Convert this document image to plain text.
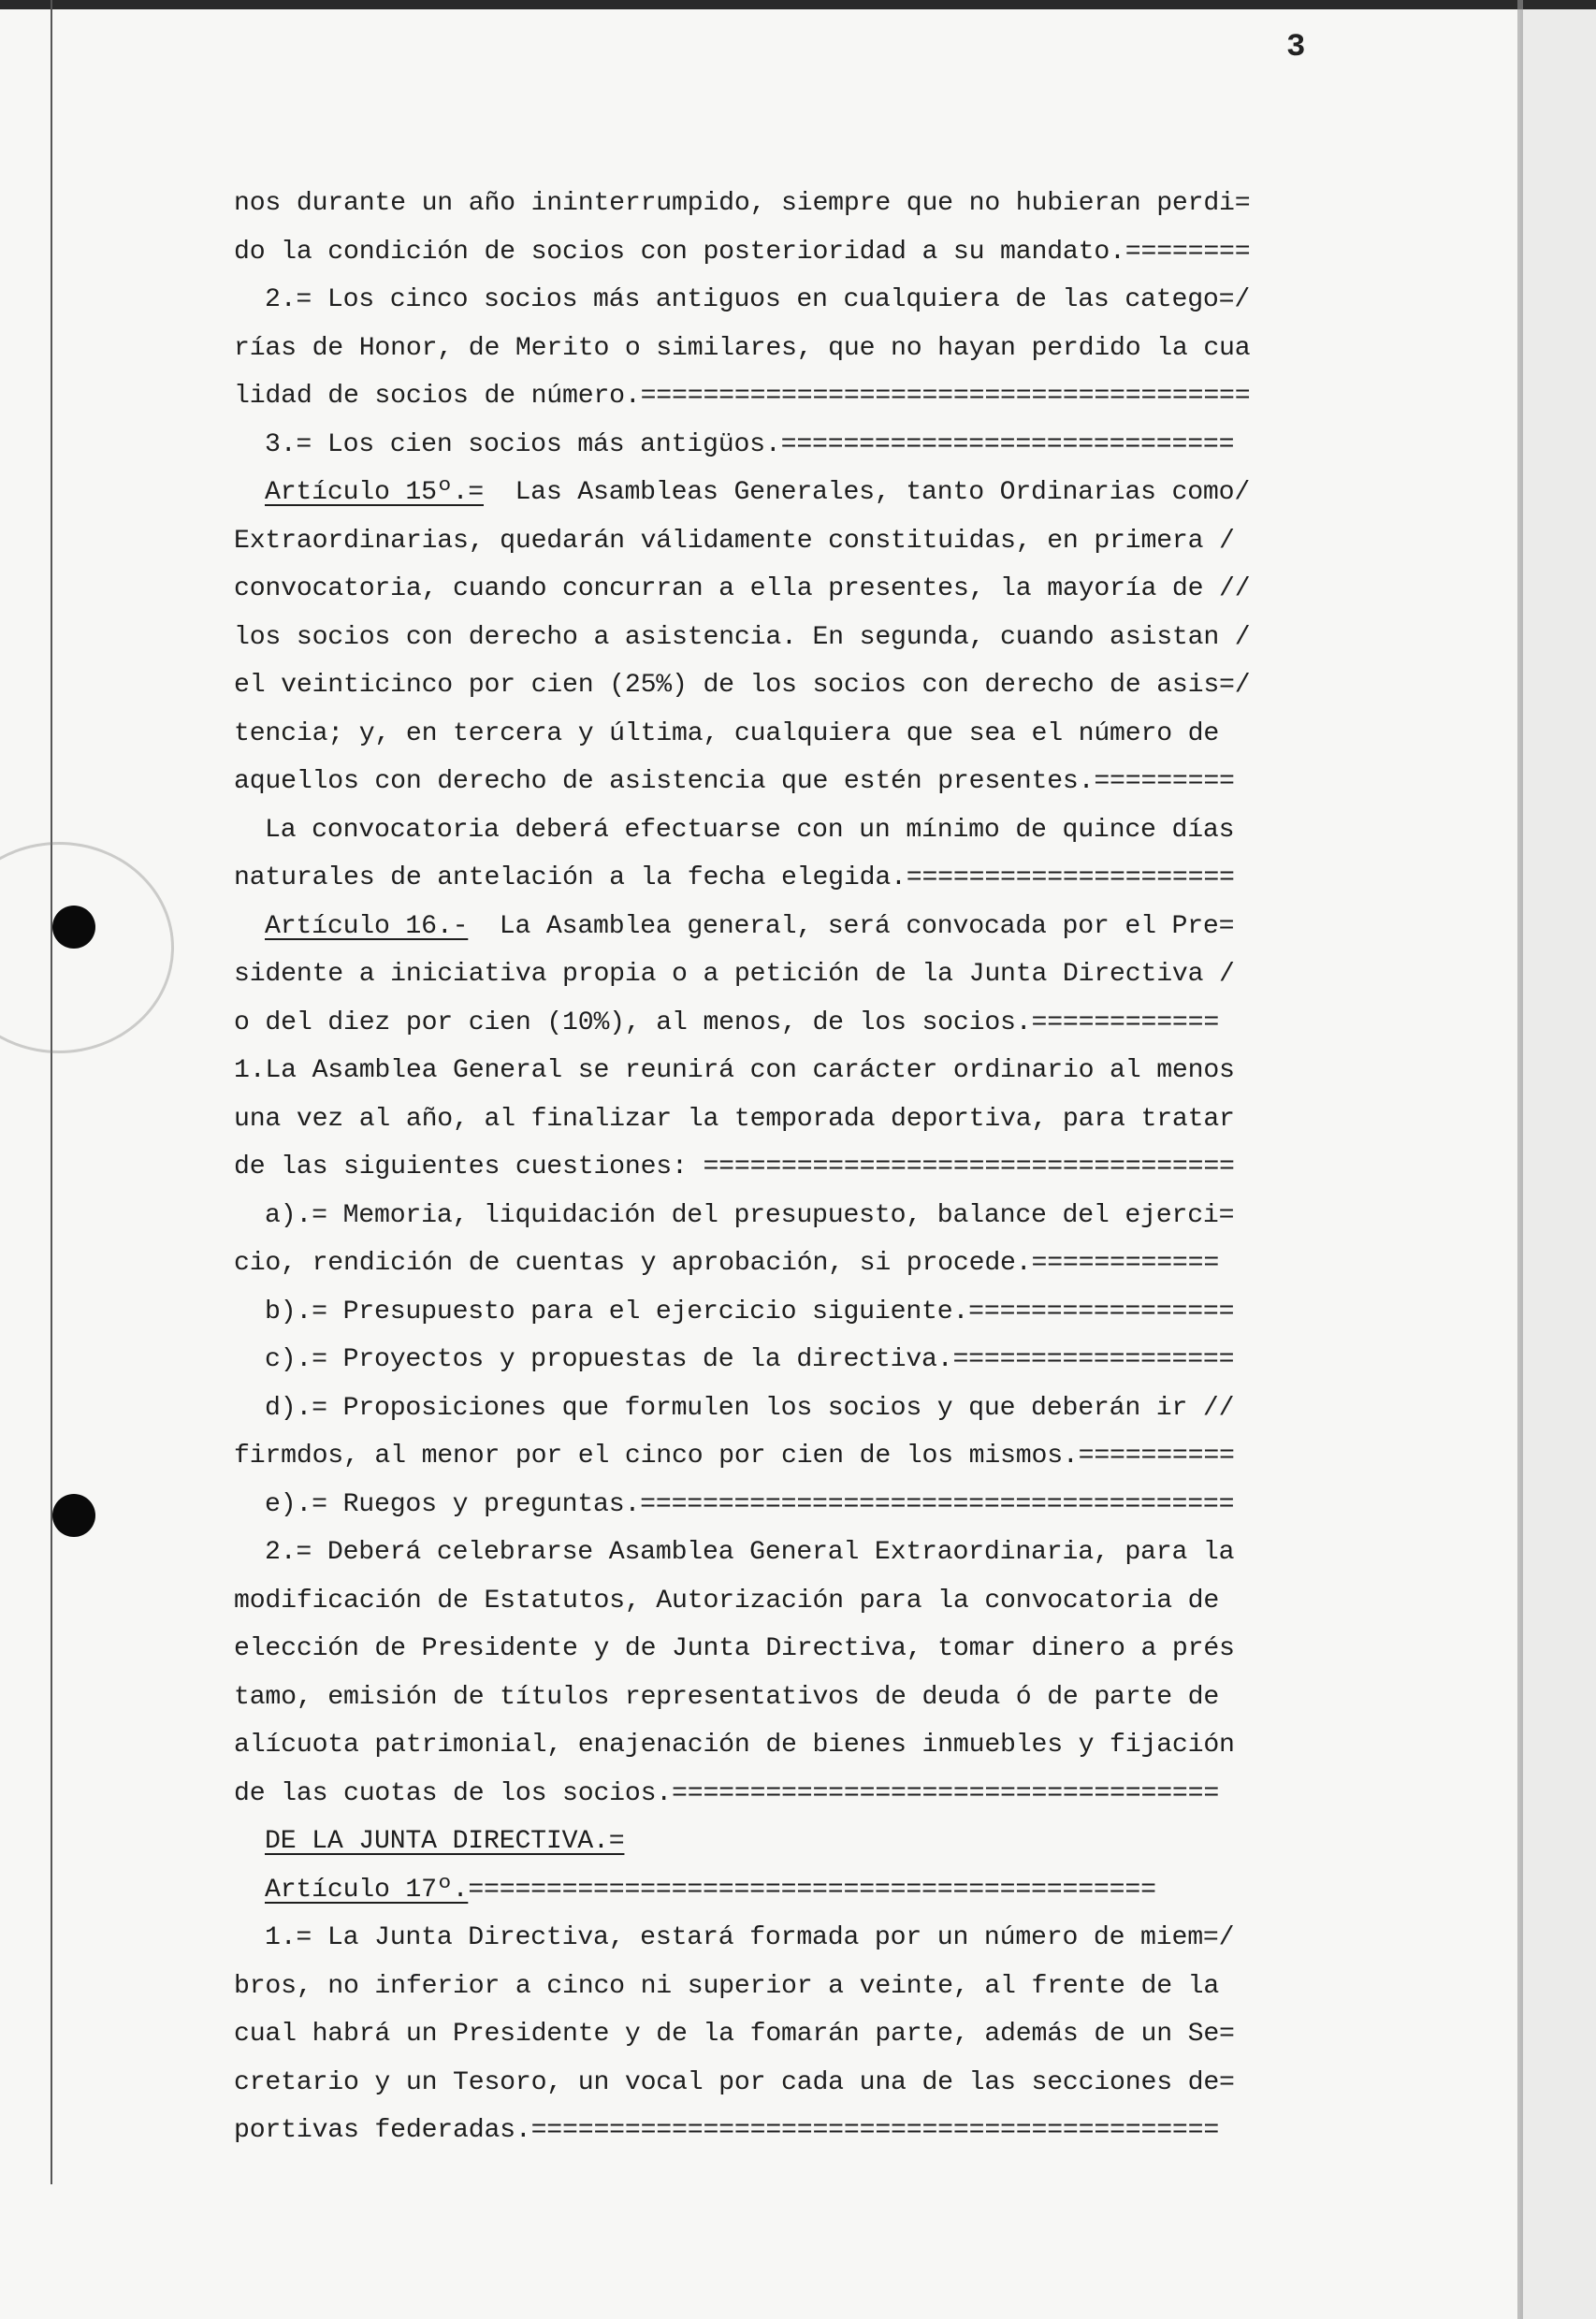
3
nos durante un año ininterrumpido, siempre que no hubieran perdi=
do la condición de socios con posterioridad a su mandato.========
2.= Los cinco socios más antiguos en cualquiera de las catego=/
rías de Honor, de Merito o similares, que no hayan perdido la cua
lidad de socios de número.=======================================
3.= Los cien socios más antigüos.=============================
Artículo 15º.=  Las Asambleas Generales, tanto Ordinarias como/
Extraordinarias, quedarán válidamente constituidas, en primera /
convocatoria, cuando concurran a ella presentes, la mayoría de //
los socios con derecho a asistencia. En segunda, cuando asistan /
el veinticinco por cien (25%) de los socios con derecho de asis=/
tencia; y, en tercera y última, cualquiera que sea el número de
aquellos con derecho de asistencia que estén presentes.=========
La convocatoria deberá efectuarse con un mínimo de quince días
naturales de antelación a la fecha elegida.=====================
Artículo 16.-  La Asamblea general, será convocada por el Pre=
sidente a iniciativa propia o a petición de la Junta Directiva /
o del diez por cien (10%), al menos, de los socios.============
1.La Asamblea General se reunirá con carácter ordinario al menos
una vez al año, al finalizar la temporada deportiva, para tratar
de las siguientes cuestiones: ==================================
a).= Memoria, liquidación del presupuesto, balance del ejerci=
cio, rendición de cuentas y aprobación, si procede.============
b).= Presupuesto para el ejercicio siguiente.=================
c).= Proyectos y propuestas de la directiva.==================
d).= Proposiciones que formulen los socios y que deberán ir //
firmdos, al menor por el cinco por cien de los mismos.==========
e).= Ruegos y preguntas.======================================
2.= Deberá celebrarse Asamblea General Extraordinaria, para la
modificación de Estatutos, Autorización para la convocatoria de
elección de Presidente y de Junta Directiva, tomar dinero a prés
tamo, emisión de títulos representativos de deuda ó de parte de
alícuota patrimonial, enajenación de bienes inmuebles y fijación
de las cuotas de los socios.===================================
DE LA JUNTA DIRECTIVA.=
Artículo 17º.============================================
1.= La Junta Directiva, estará formada por un número de miem=/
bros, no inferior a cinco ni superior a veinte, al frente de la
cual habrá un Presidente y de la fomarán parte, además de un Se=
cretario y un Tesoro, un vocal por cada una de las secciones de=
portivas federadas.============================================
